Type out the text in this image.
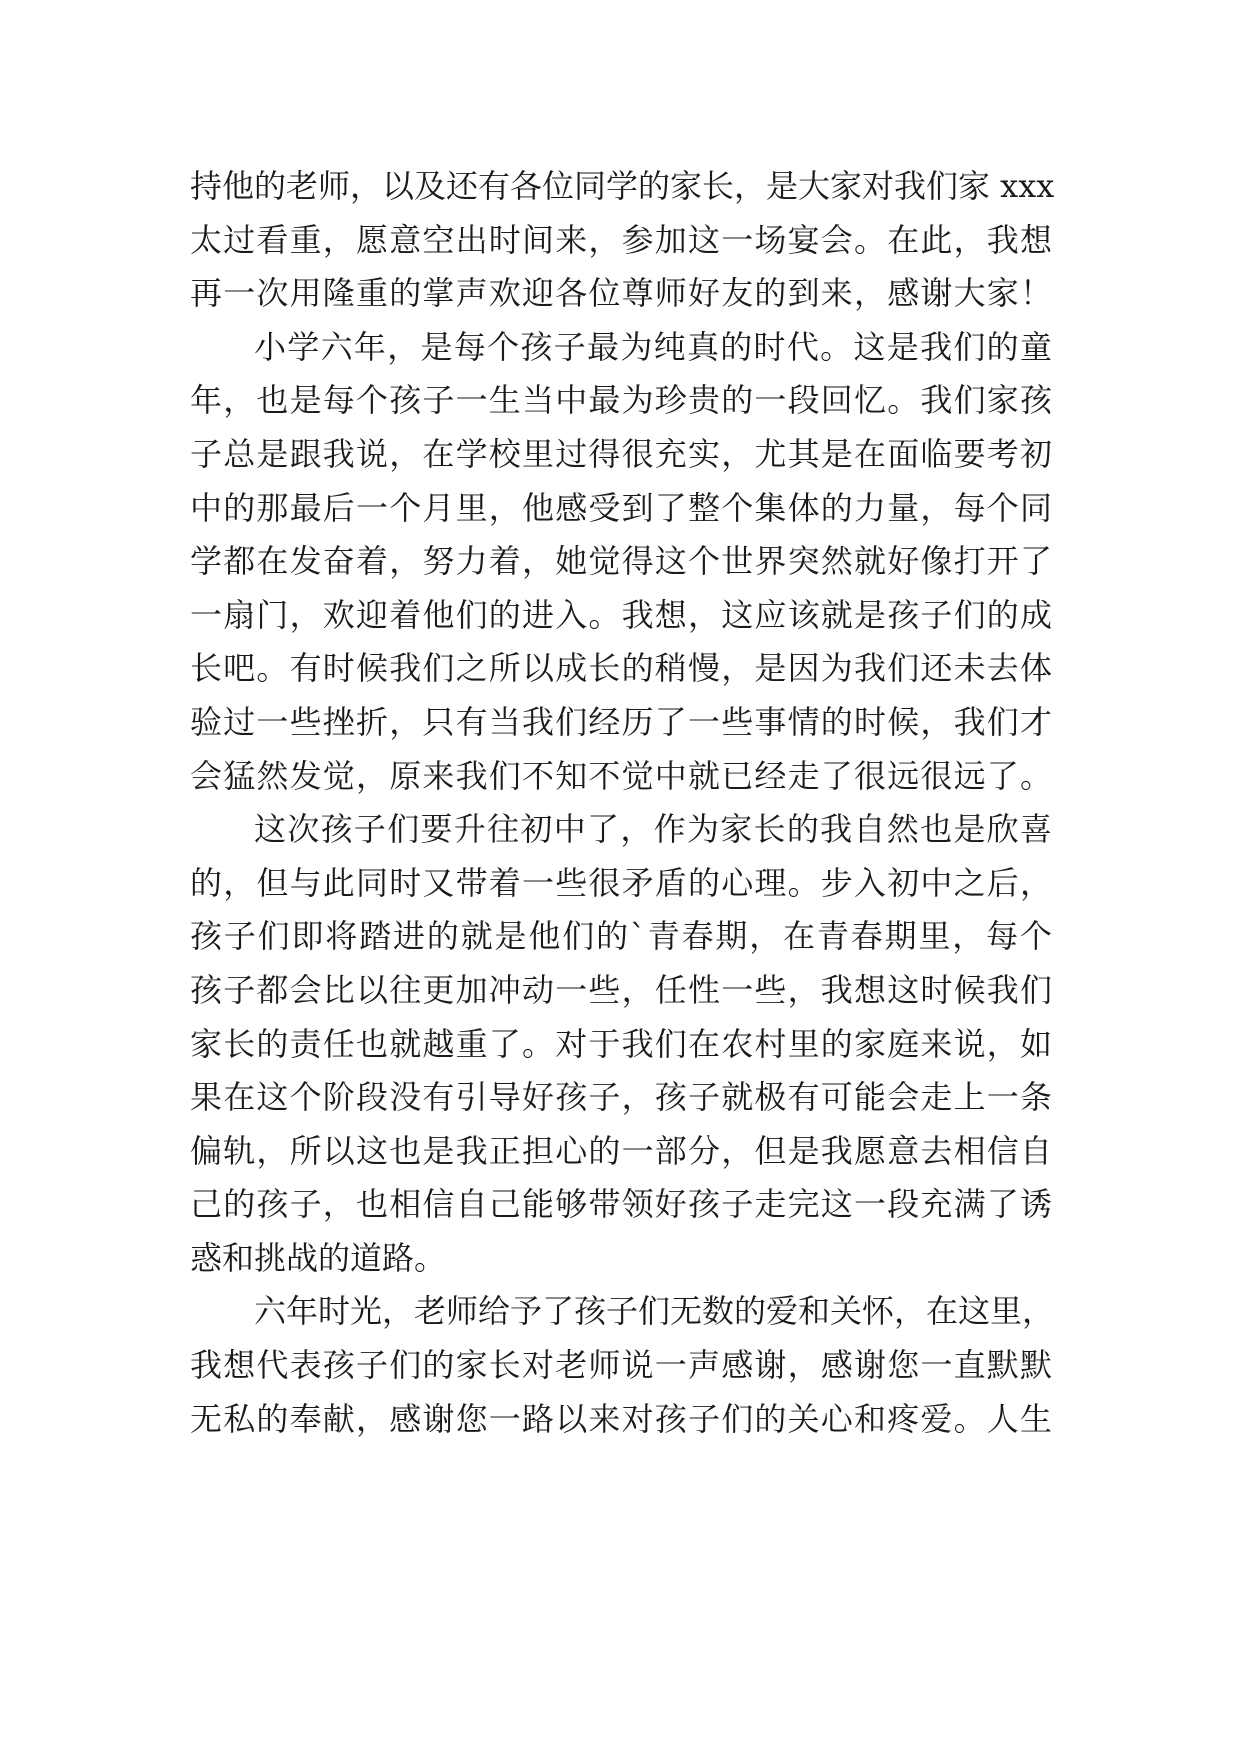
持他的老师，以及还有各位同学的家长，是大家对我们家 xxx
太过看重，愿意空出时间来，参加这一场宴会。在此，我想
再一次用隆重的掌声欢迎各位尊师好友的到来，感谢大家！
小学六年，是每个孩子最为纯真的时代。这是我们的童
年，也是每个孩子一生当中最为珍贵的一段回忆。我们家孩
子总是跟我说，在学校里过得很充实，尤其是在面临要考初
中的那最后一个月里，他感受到了整个集体的力量，每个同
学都在发奋着，努力着，她觉得这个世界突然就好像打开了
一扇门，欢迎着他们的进入。我想，这应该就是孩子们的成
长吧。有时候我们之所以成长的稍慢，是因为我们还未去体
验过一些挫折，只有当我们经历了一些事情的时候，我们才
会猛然发觉，原来我们不知不觉中就已经走了很远很远了。
这次孩子们要升往初中了，作为家长的我自然也是欣喜
的，但与此同时又带着一些很矛盾的心理。步入初中之后，
孩子们即将踏进的就是他们的`青春期，在青春期里，每个
孩子都会比以往更加冲动一些，任性一些，我想这时候我们
家长的责任也就越重了。对于我们在农村里的家庭来说，如
果在这个阶段没有引导好孩子，孩子就极有可能会走上一条
偏轨，所以这也是我正担心的一部分，但是我愿意去相信自
己的孩子，也相信自己能够带领好孩子走完这一段充满了诱
惑和挑战的道路。
六年时光，老师给予了孩子们无数的爱和关怀，在这里，
我想代表孩子们的家长对老师说一声感谢，感谢您一直默默
无私的奉献，感谢您一路以来对孩子们的关心和疼爱。人生
